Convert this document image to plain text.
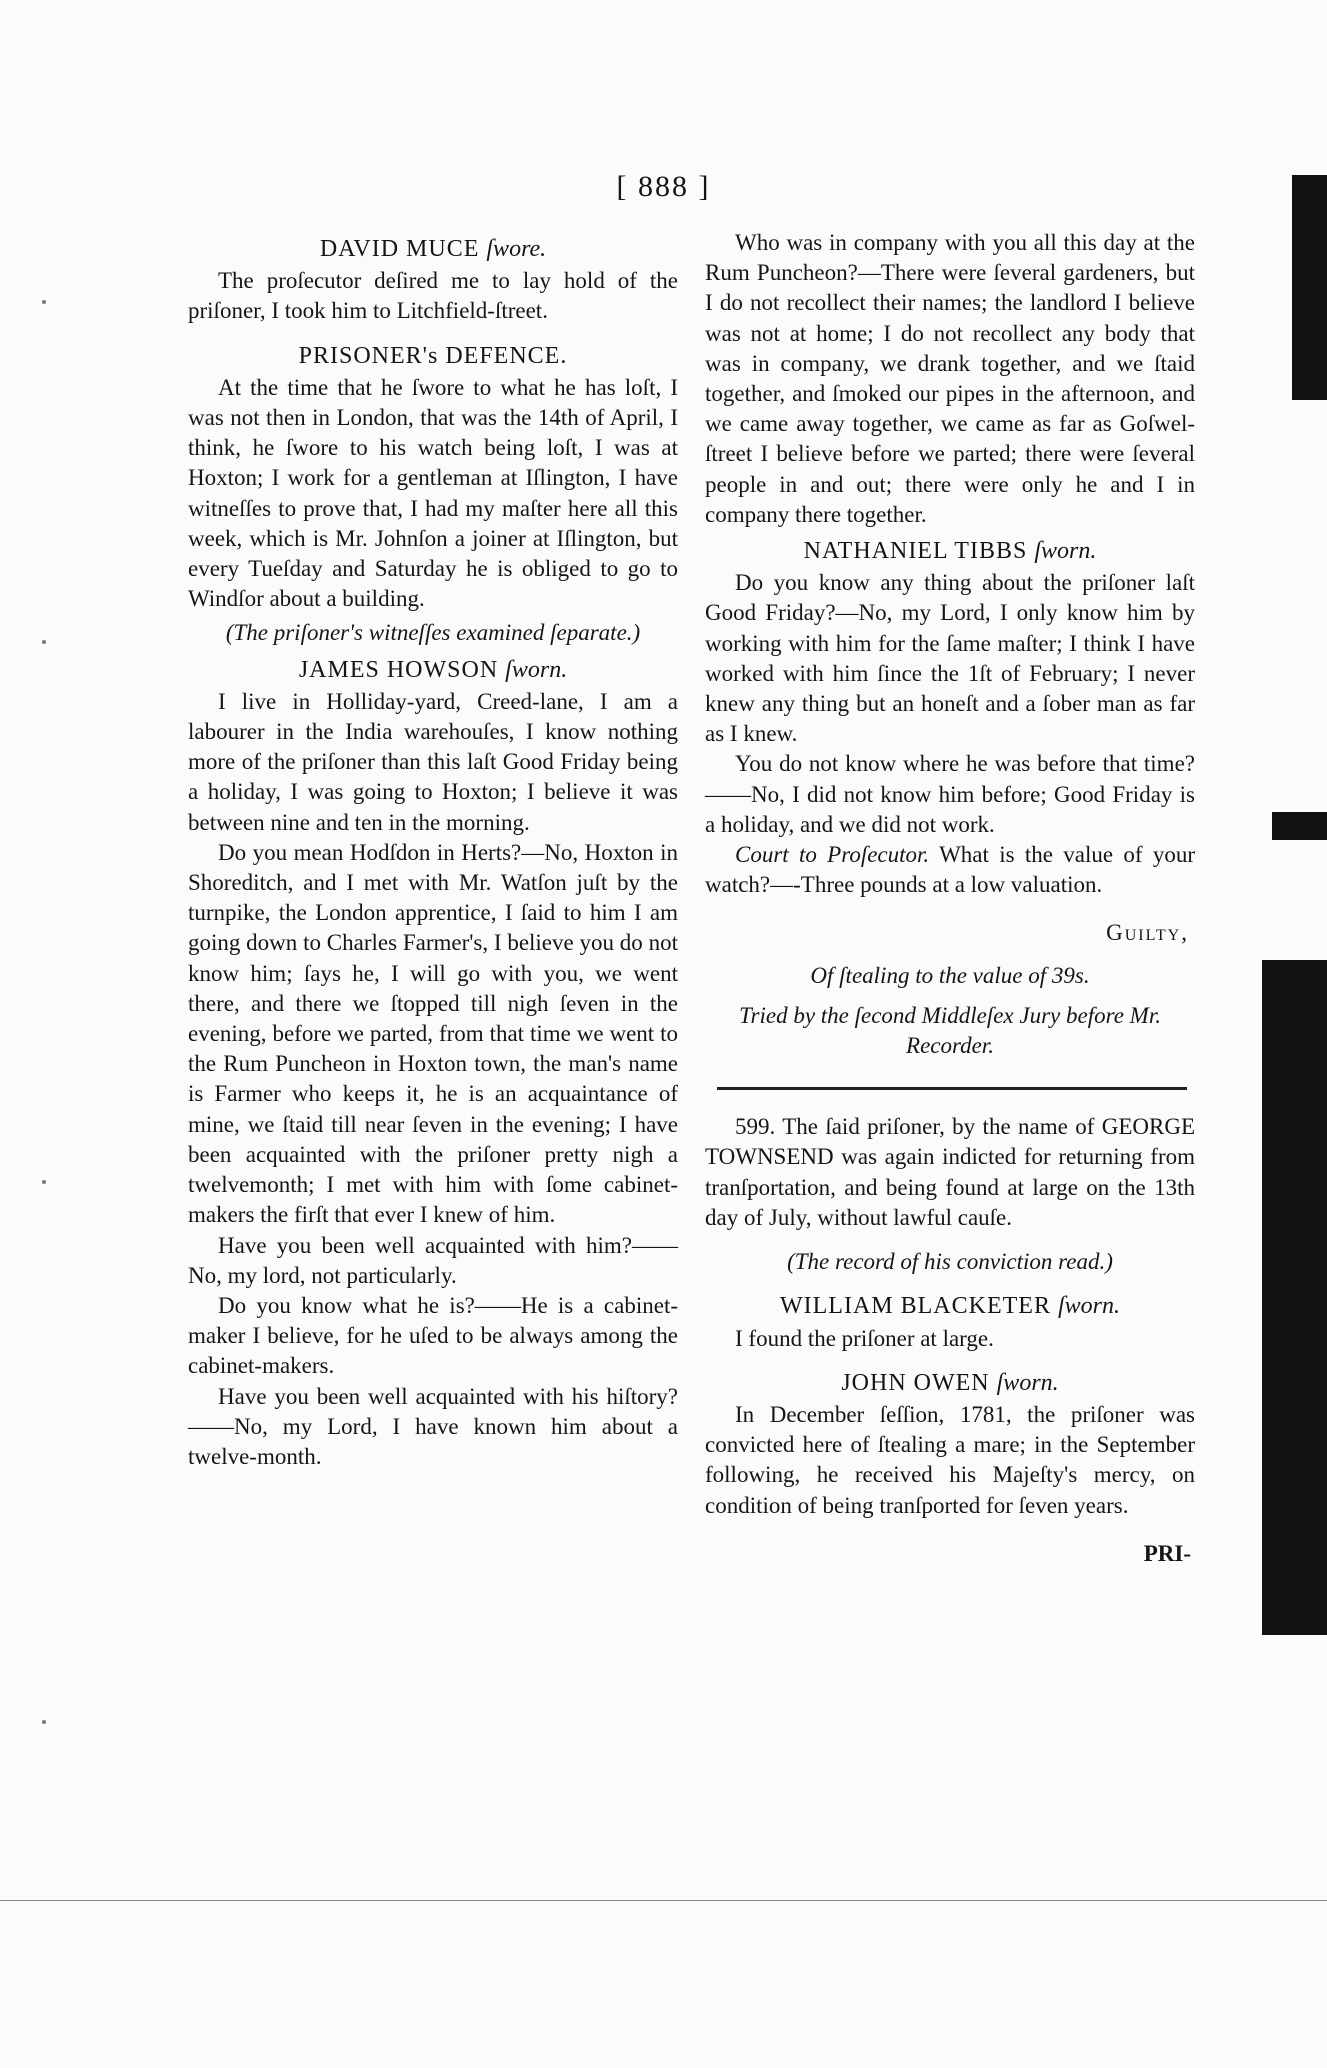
[ 888 ]
DAVID MUCE ſwore.

The proſecutor deſired me to lay hold of the priſoner, I took him to Litchfield-ſtreet.

PRISONER's DEFENCE.

At the time that he ſwore to what he has loſt, I was not then in London, that was the 14th of April, I think, he ſwore to his watch being loſt, I was at Hoxton; I work for a gentleman at Iſlington, I have witneſſes to prove that, I had my maſter here all this week, which is Mr. Johnſon a joiner at Iſlington, but every Tueſday and Saturday he is obliged to go to Windſor about a building.

(The priſoner's witneſſes examined ſeparate.)
JAMES HOWSON ſworn.

I live in Holliday-yard, Creed-lane, I am a labourer in the India warehouſes, I know nothing more of the priſoner than this laſt Good Friday being a holiday, I was going to Hoxton; I believe it was between nine and ten in the morning.

Do you mean Hodſdon in Herts?—No, Hoxton in Shoreditch, and I met with Mr. Watſon juſt by the turnpike, the London apprentice, I ſaid to him I am going down to Charles Farmer's, I believe you do not know him; ſays he, I will go with you, we went there, and there we ſtopped till nigh ſeven in the evening, before we parted, from that time we went to the Rum Puncheon in Hoxton town, the man's name is Farmer who keeps it, he is an acquaintance of mine, we ſtaid till near ſeven in the evening; I have been acquainted with the priſoner pretty nigh a twelvemonth; I met with him with ſome cabinet-makers the firſt that ever I knew of him.

Have you been well acquainted with him?——No, my lord, not particularly.

Do you know what he is?——He is a cabinet-maker I believe, for he uſed to be always among the cabinet-makers.

Have you been well acquainted with his hiſtory?——No, my Lord, I have known him about a twelve-month.

Who was in company with you all this day at the Rum Puncheon?—There were ſeveral gardeners, but I do not recollect their names; the landlord I believe was not at home; I do not recollect any body that was in company, we drank together, and we ſtaid together, and ſmoked our pipes in the afternoon, and we came away together, we came as far as Goſwel-ſtreet I believe before we parted; there were ſeveral people in and out; there were only he and I in company there together.

NATHANIEL TIBBS ſworn.

Do you know any thing about the priſoner laſt Good Friday?—No, my Lord, I only know him by working with him for the ſame maſter; I think I have worked with him ſince the 1ſt of February; I never knew any thing but an honeſt and a ſober man as far as I knew.

You do not know where he was before that time?——No, I did not know him before; Good Friday is a holiday, and we did not work.

Court to Proſecutor. What is the value of your watch?—-Three pounds at a low valuation.

Guilty,
Of ſtealing to the value of 39s.
Tried by the ſecond Middleſex Jury before Mr. Recorder.

599. The ſaid priſoner, by the name of GEORGE TOWNSEND was again indicted for returning from tranſportation, and being found at large on the 13th day of July, without lawful cauſe.

(The record of his conviction read.)
WILLIAM BLACKETER ſworn.

I found the priſoner at large.

JOHN OWEN ſworn.

In December ſeſſion, 1781, the priſoner was convicted here of ſtealing a mare; in the September following, he received his Majeſty's mercy, on condition of being tranſported for ſeven years.

PRI-
